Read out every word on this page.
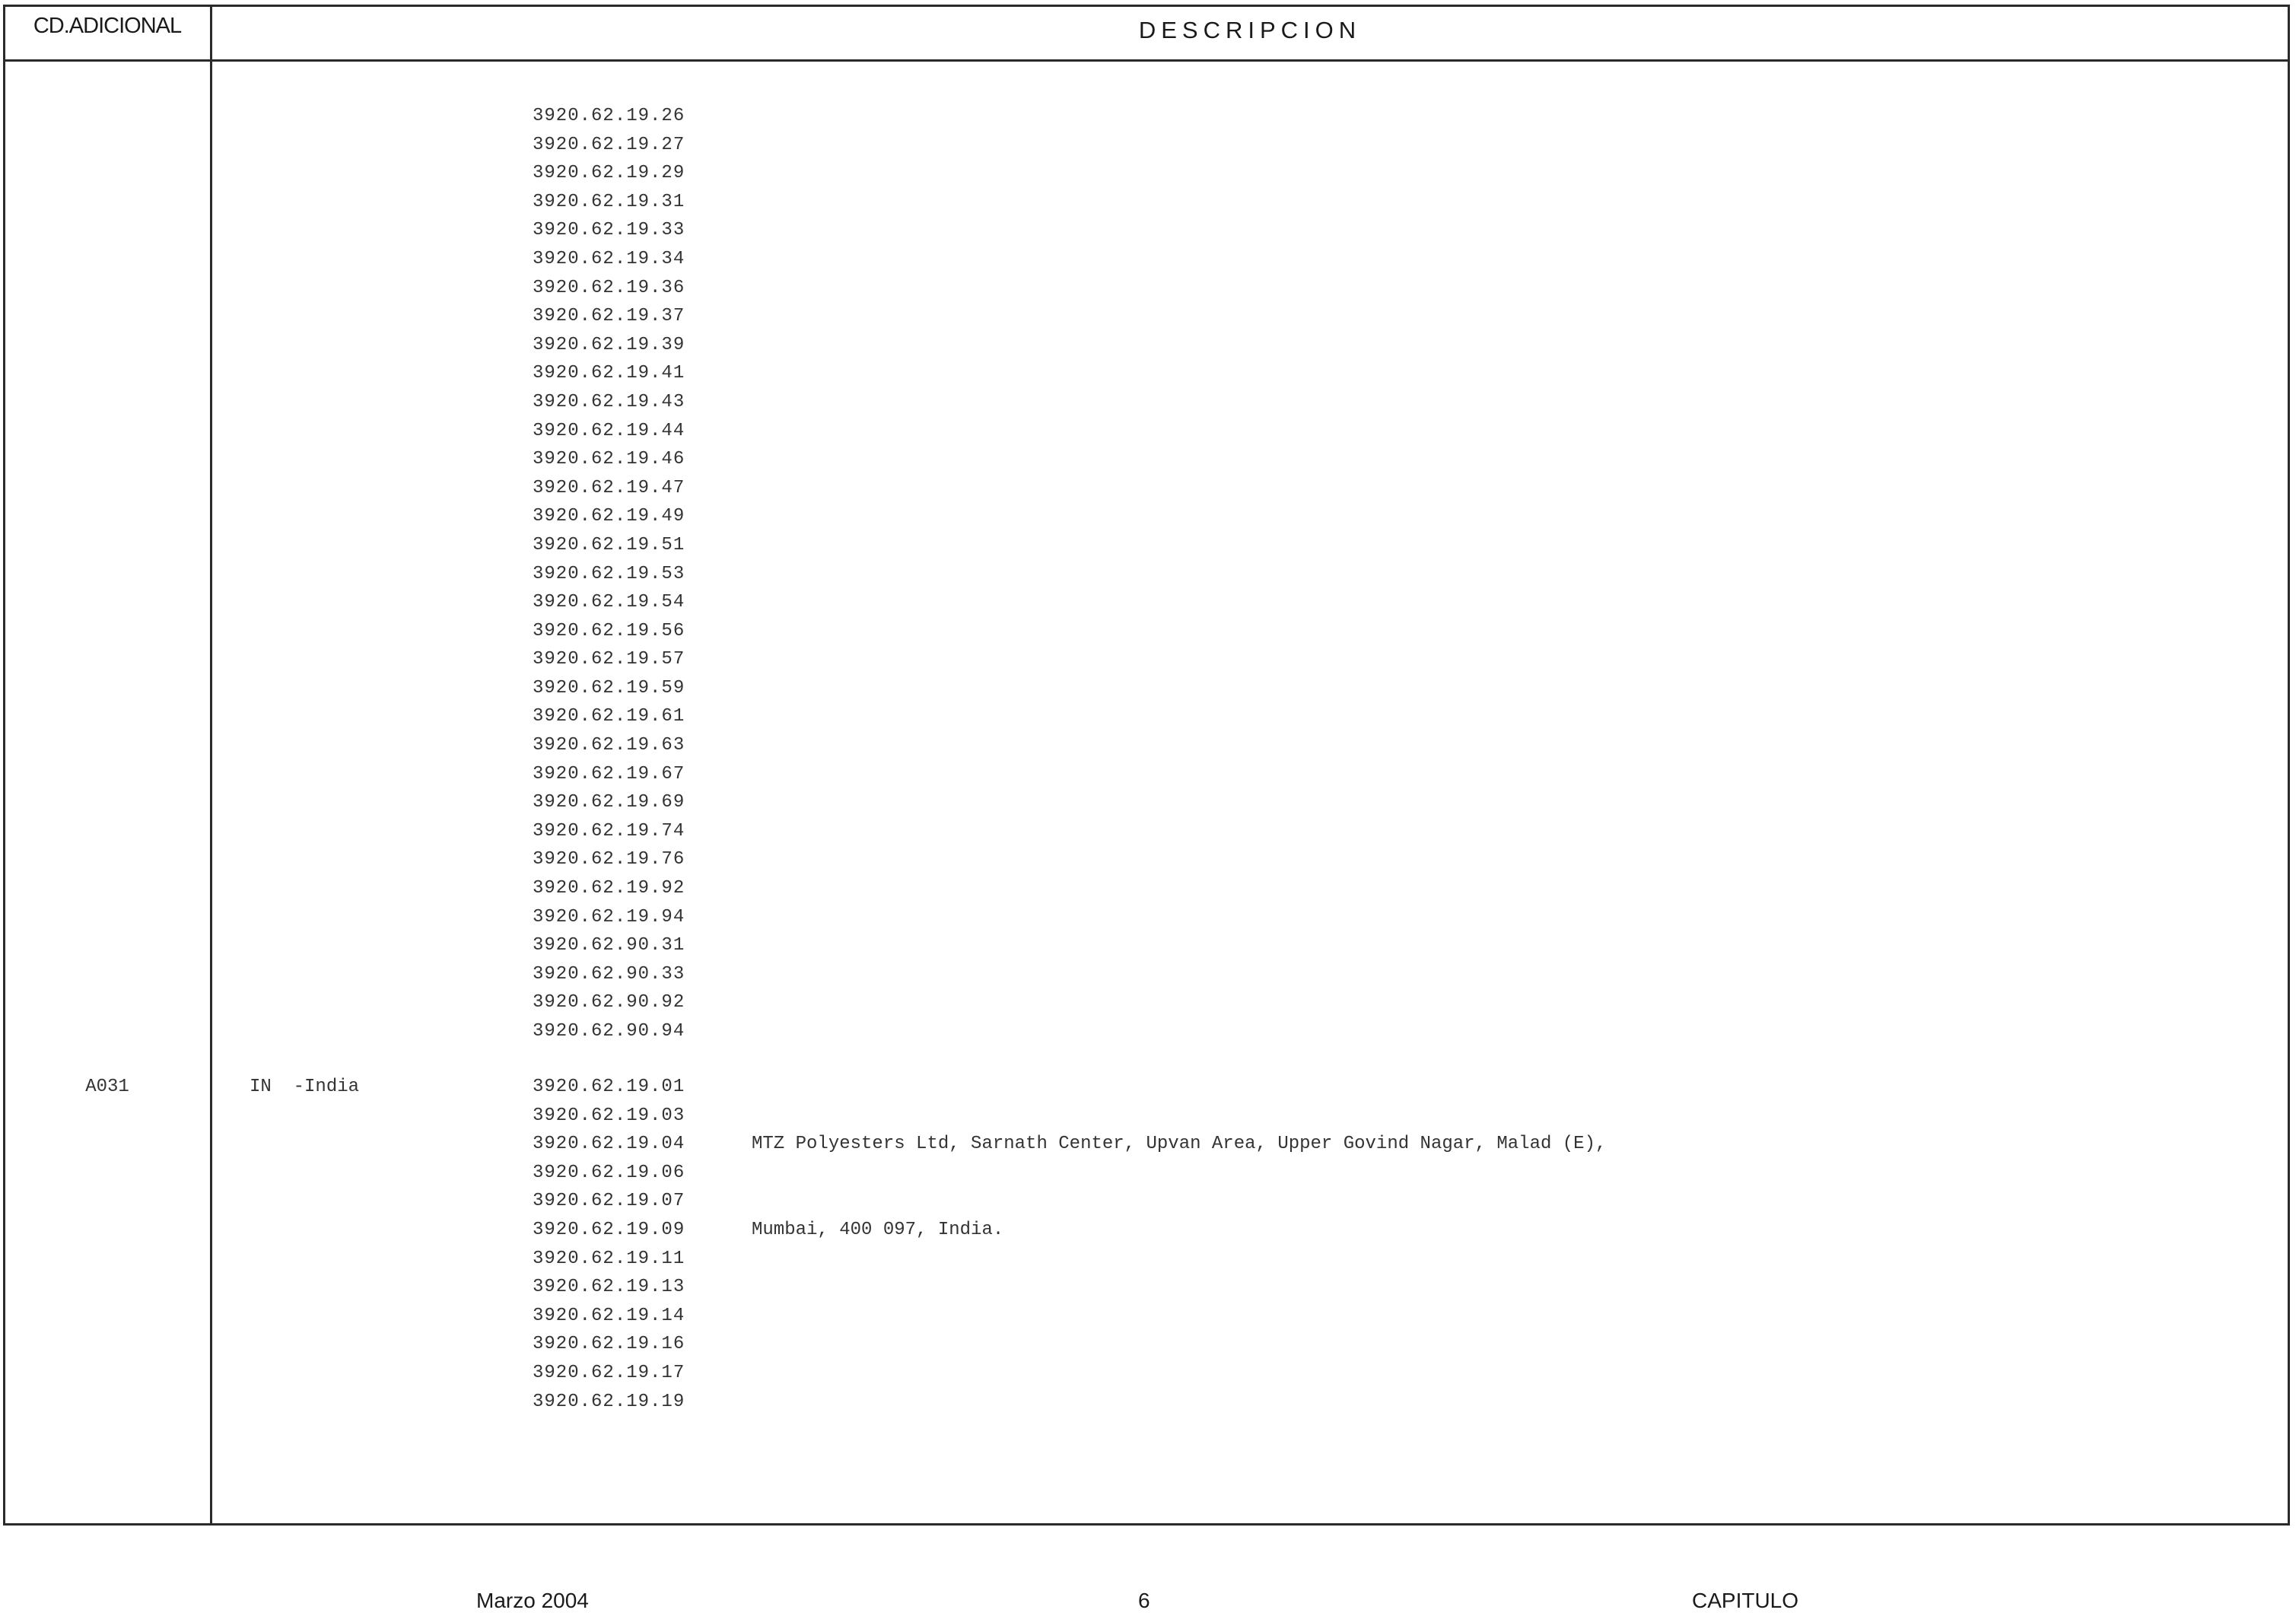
CD.ADICIONAL	DESCRIPCION
3920.62.19.26
3920.62.19.27
3920.62.19.29
3920.62.19.31
3920.62.19.33
3920.62.19.34
3920.62.19.36
3920.62.19.37
3920.62.19.39
3920.62.19.41
3920.62.19.43
3920.62.19.44
3920.62.19.46
3920.62.19.47
3920.62.19.49
3920.62.19.51
3920.62.19.53
3920.62.19.54
3920.62.19.56
3920.62.19.57
3920.62.19.59
3920.62.19.61
3920.62.19.63
3920.62.19.67
3920.62.19.69
3920.62.19.74
3920.62.19.76
3920.62.19.92
3920.62.19.94
3920.62.90.31
3920.62.90.33
3920.62.90.92
3920.62.90.94
A031	IN  -India	3920.62.19.01
3920.62.19.03
3920.62.19.04
3920.62.19.06
3920.62.19.07
3920.62.19.09
3920.62.19.11
3920.62.19.13
3920.62.19.14
3920.62.19.16
3920.62.19.17
3920.62.19.19

MTZ Polyesters Ltd, Sarnath Center, Upvan Area, Upper Govind Nagar, Malad (E),

Mumbai, 400 097, India.

Marzo 2004	6	CAPITULO
